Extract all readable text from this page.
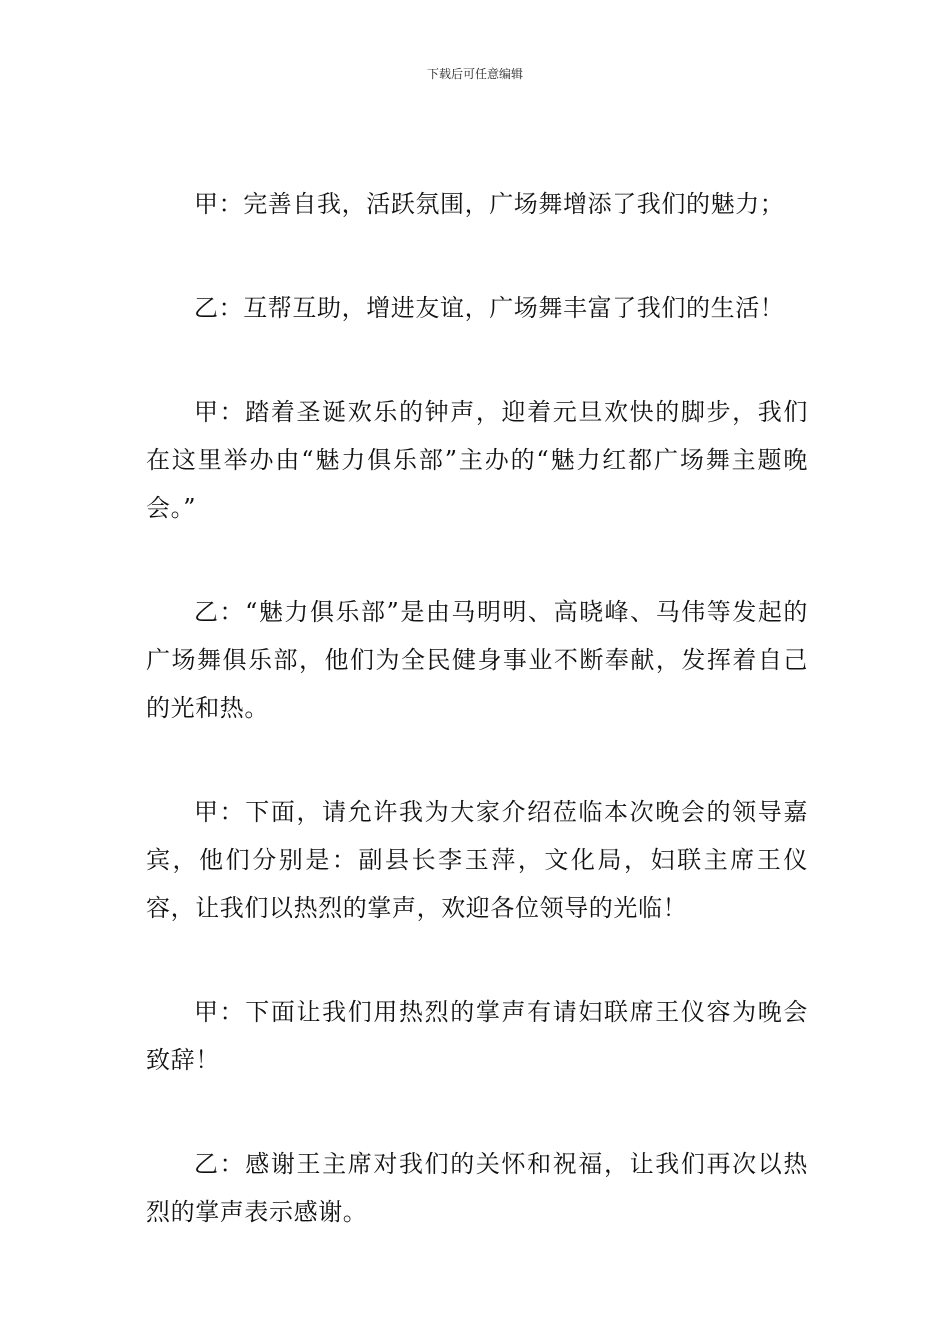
下载后可任意编辑

甲：完善自我，活跃氛围，广场舞增添了我们的魅力；

乙：互帮互助，增进友谊，广场舞丰富了我们的生活！

甲：踏着圣诞欢乐的钟声，迎着元旦欢快的脚步，我们在这里举办由“魅力俱乐部”主办的“魅力红都广场舞主题晚会。”

乙：“魅力俱乐部”是由马明明、高晓峰、马伟等发起的广场舞俱乐部，他们为全民健身事业不断奉献，发挥着自己的光和热。

甲：下面，请允许我为大家介绍莅临本次晚会的领导嘉宾，他们分别是：副县长李玉萍，文化局，妇联主席王仪容，让我们以热烈的掌声，欢迎各位领导的光临！

甲：下面让我们用热烈的掌声有请妇联席王仪容为晚会致辞！

乙：感谢王主席对我们的关怀和祝福，让我们再次以热烈的掌声表示感谢。
